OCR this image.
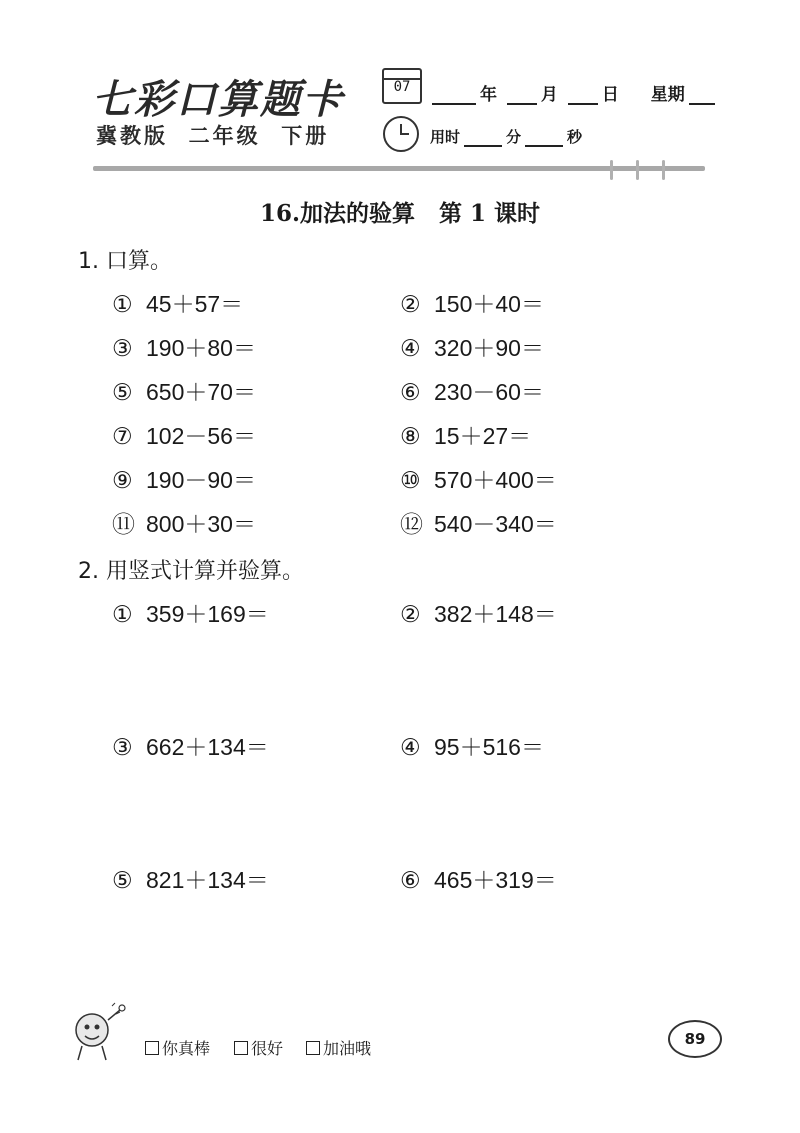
七彩口算题卡
冀教版  二年级  下册
07	年	月	日 星期
用时	分	秒
16.加法的验算   第 1 课时
1. 口算。
① 45＋57＝	② 150＋40＝
③ 190＋80＝	④ 320＋90＝
⑤ 650＋70＝	⑥ 230－60＝
⑦ 102－56＝	⑧ 15＋27＝
⑨ 190－90＝	⑩ 570＋400＝
⑪ 800＋30＝	⑫ 540－340＝
2. 用竖式计算并验算。
① 359＋169＝	② 382＋148＝
③ 662＋134＝	④ 95＋516＝
⑤ 821＋134＝	⑥ 465＋319＝
你真棒	很好	加油哦	89
